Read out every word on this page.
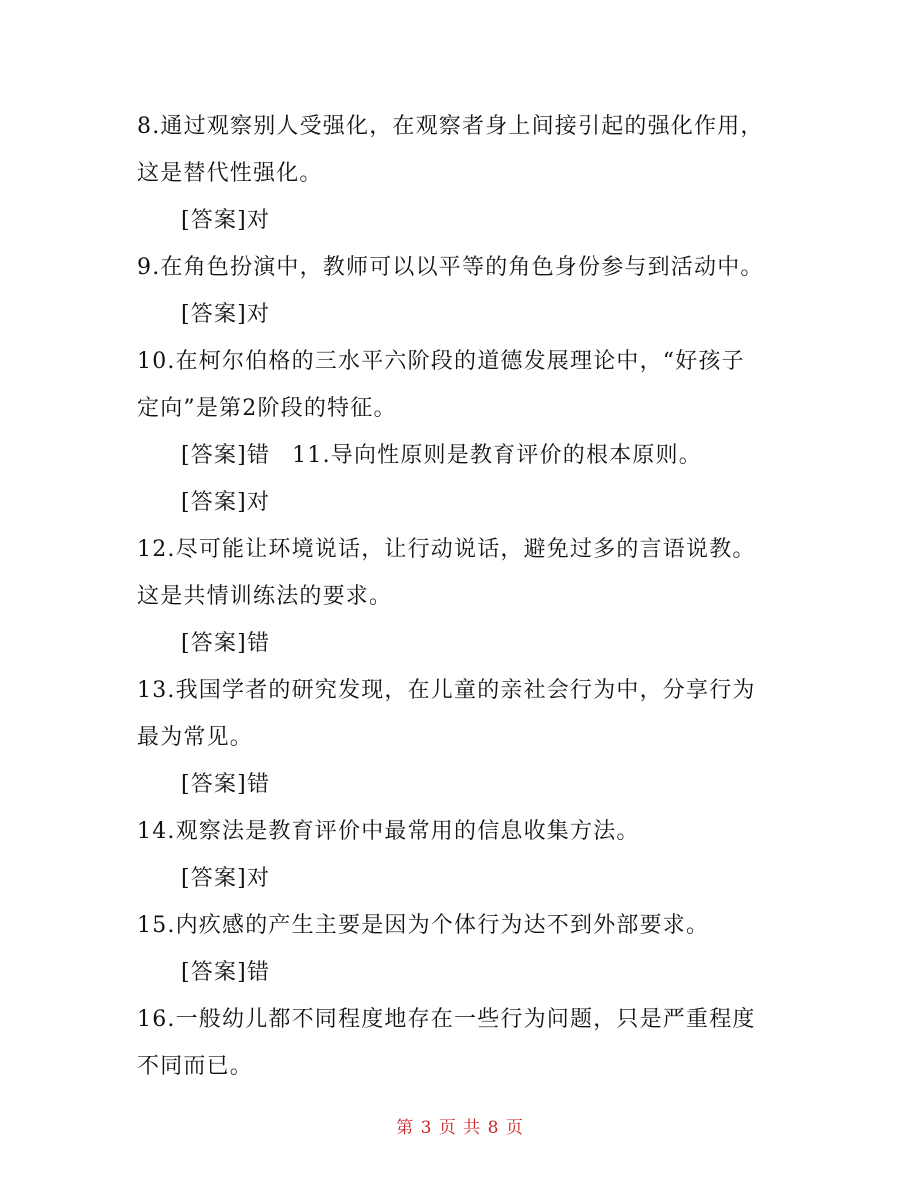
8.通过观察别人受强化，在观察者身上间接引起的强化作用，
这是替代性强化。
[答案]对
9.在角色扮演中，教师可以以平等的角色身份参与到活动中。
[答案]对
10.在柯尔伯格的三水平六阶段的道德发展理论中，“好孩子
定向”是第2阶段的特征。
[答案]错 11.导向性原则是教育评价的根本原则。
[答案]对
12.尽可能让环境说话，让行动说话，避免过多的言语说教。
这是共情训练法的要求。
[答案]错
13.我国学者的研究发现，在儿童的亲社会行为中，分享行为
最为常见。
[答案]错
14.观察法是教育评价中最常用的信息收集方法。
[答案]对
15.内疚感的产生主要是因为个体行为达不到外部要求。
[答案]错
16.一般幼儿都不同程度地存在一些行为问题，只是严重程度
不同而已。
第 3 页 共 8 页
